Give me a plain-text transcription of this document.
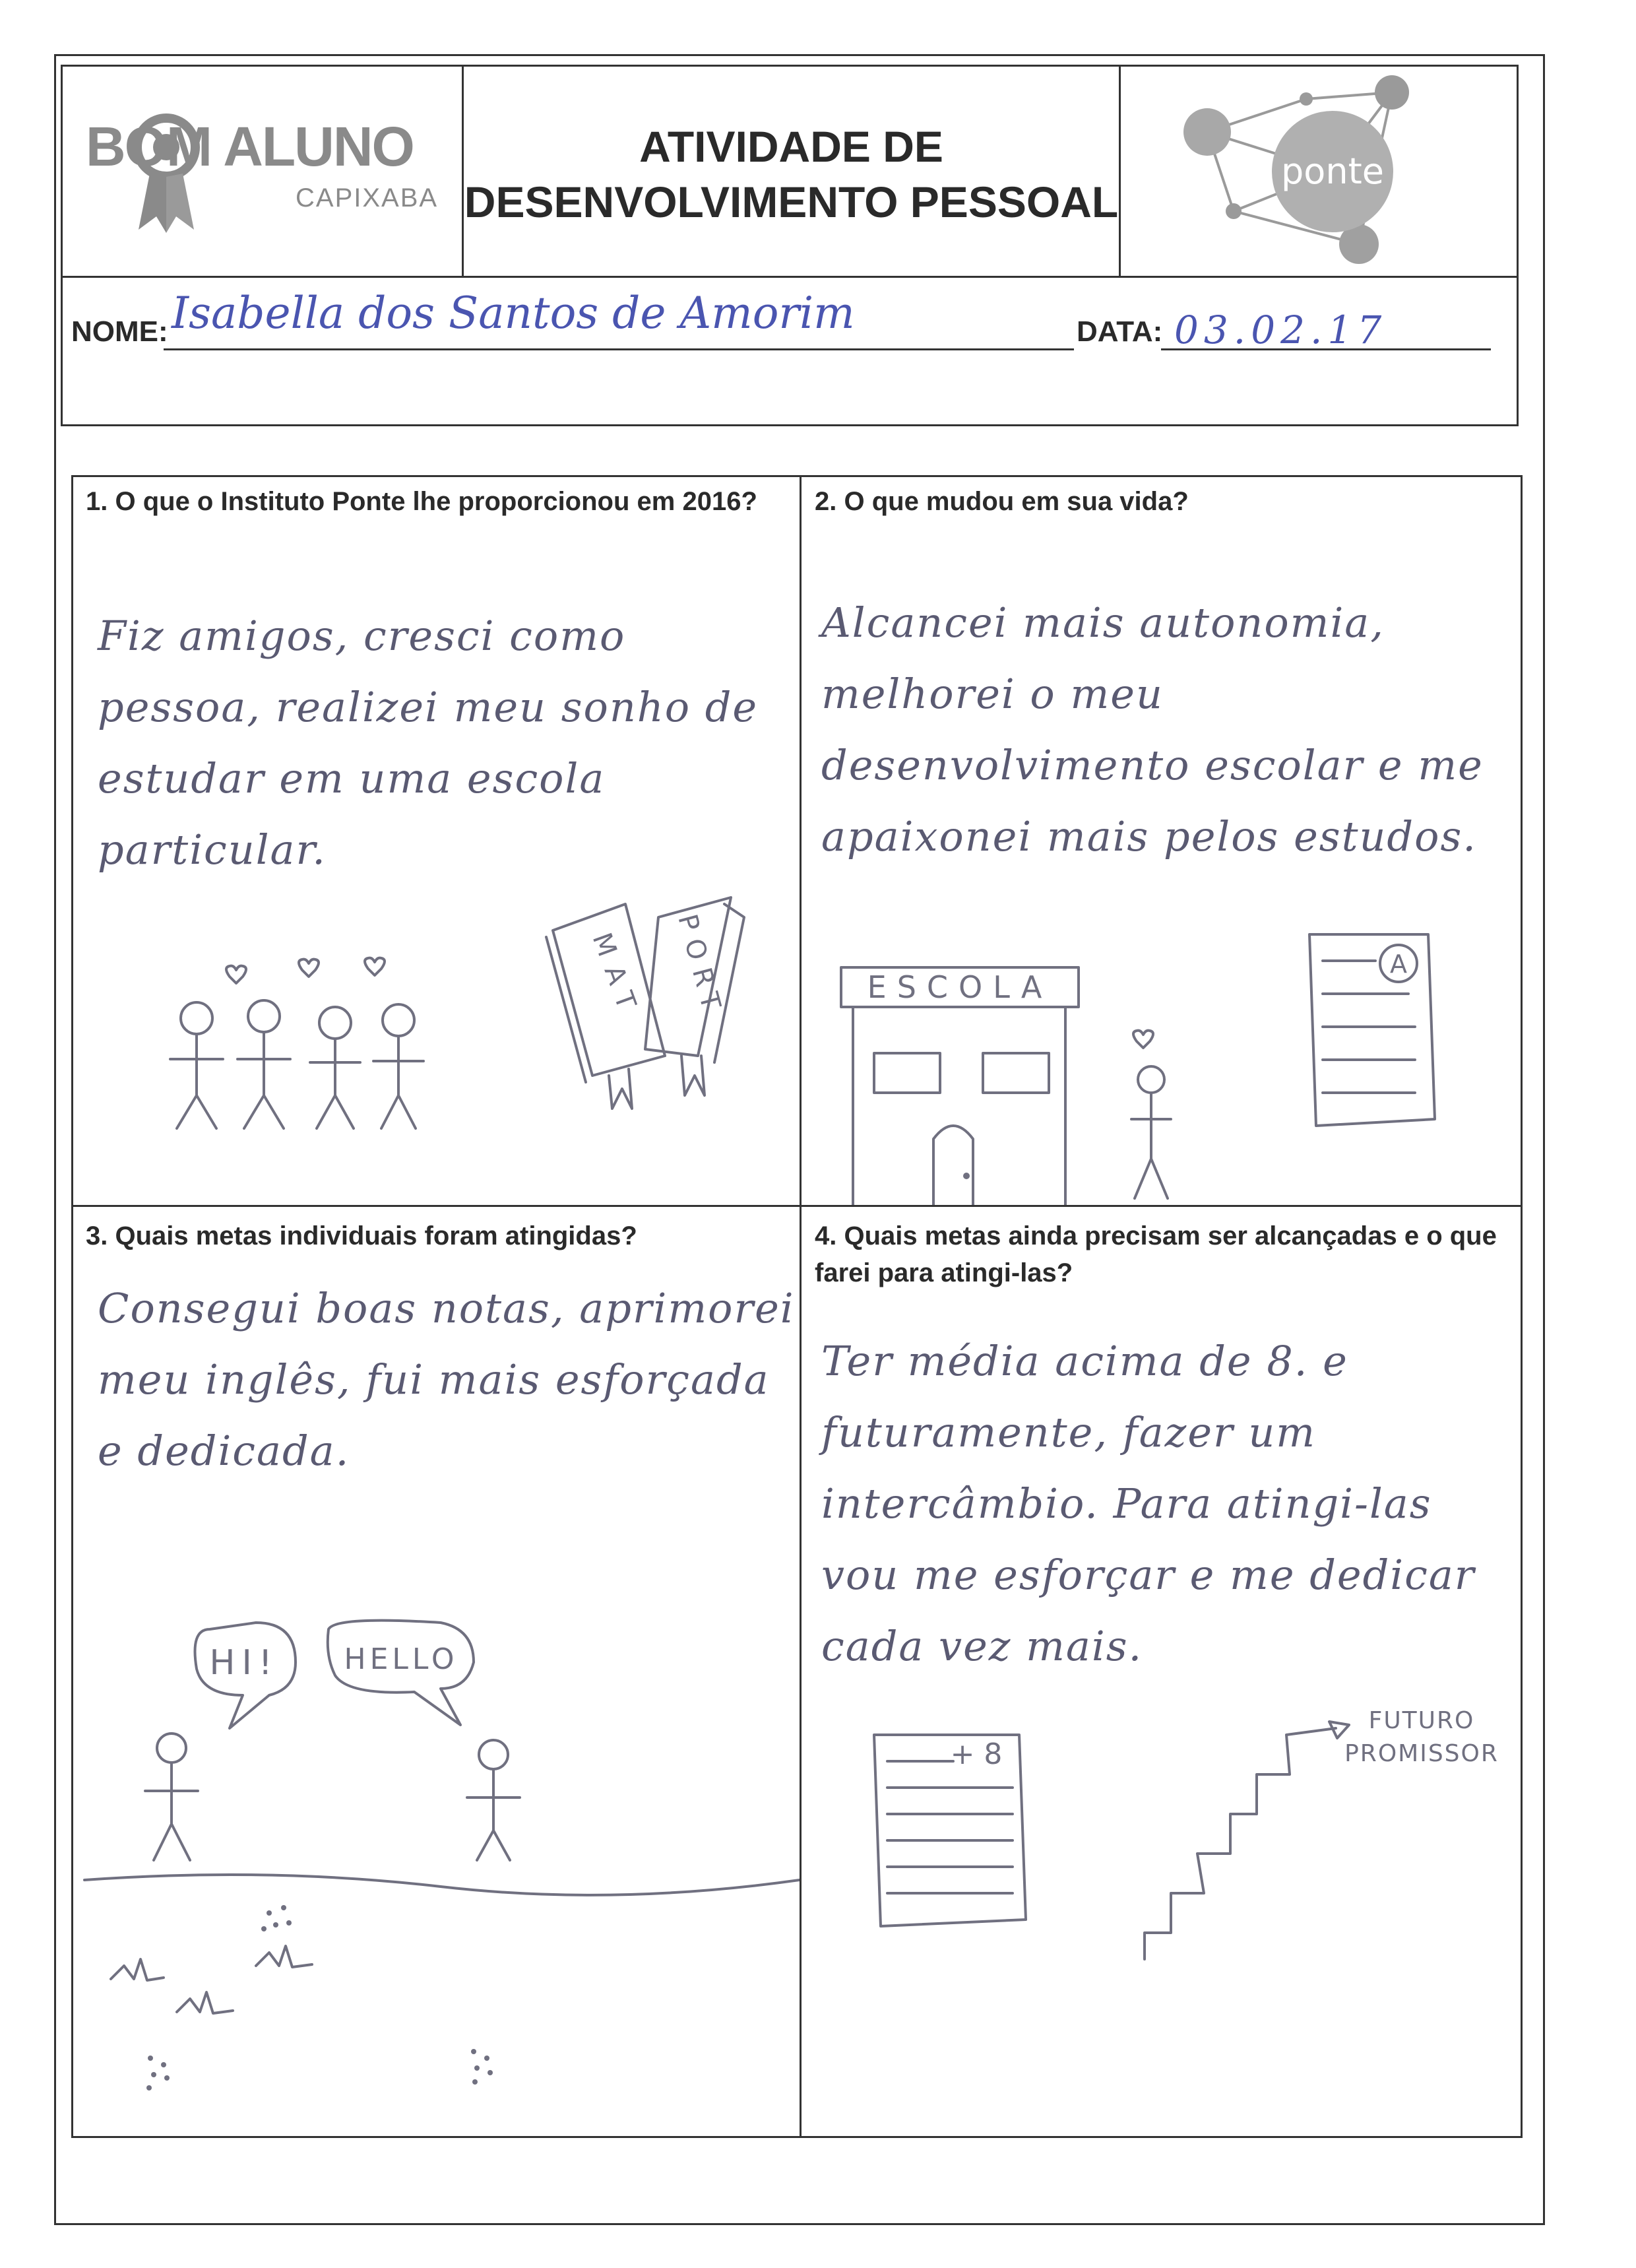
BOM ALUNO
CAPIXABA
ATIVIDADE DE
DESENVOLVIMENTO PESSOAL
ponte
NOME: Isabella dos Santos de Amorim	DATA: 03.02.17
1. O que o Instituto Ponte lhe proporcionou em 2016?
Fiz amigos, cresci como pessoa, realizei meu sonho de estudar em uma escola particular.
MAT PORT
2. O que mudou em sua vida?
Alcancei mais autonomia, melhorei o meu desenvolvimento escolar e me apaixonei mais pelos estudos.
ESCOLA
A
3. Quais metas individuais foram atingidas?
Consegui boas notas, aprimorei meu inglês, fui mais esforçada e dedicada.
HI! HELLO
4. Quais metas ainda precisam ser alcançadas e o que farei para atingi-las?
Ter média acima de 8. e futuramente, fazer um intercâmbio. Para atingi-las vou me esforçar e me dedicar cada vez mais.
+ 8
FUTURO
PROMISSOR
